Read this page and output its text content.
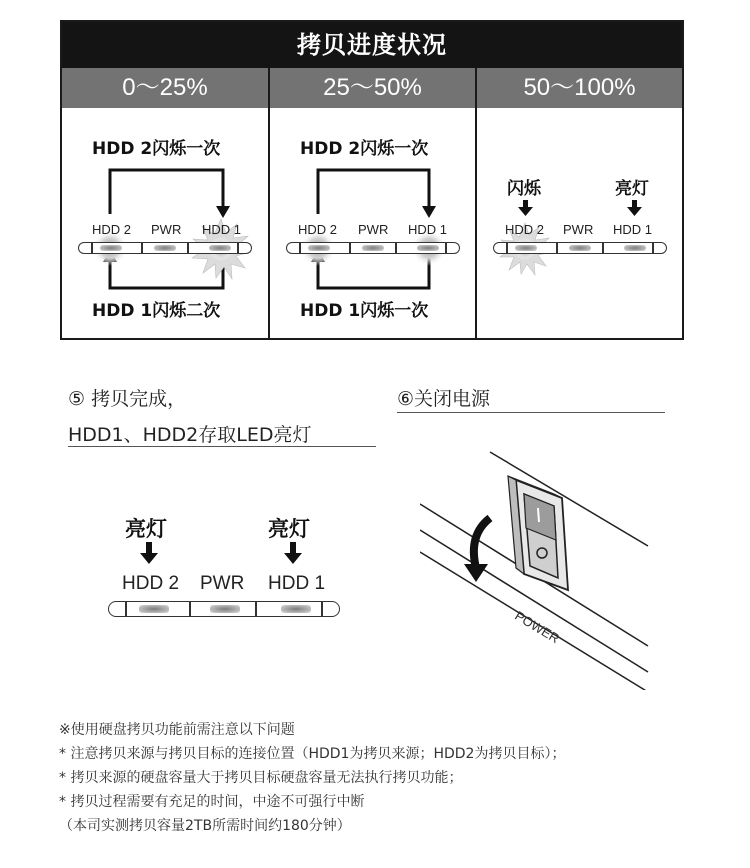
拷贝进度状况
0～25%	25～50%	50～100%
HDD 2闪烁一次
HDD 2 PWR HDD 1
HDD 1闪烁二次
HDD 2闪烁一次
HDD 2 PWR HDD 1
HDD 1闪烁一次
闪烁	亮灯
HDD 2 PWR HDD 1
⑤ 拷贝完成，
HDD1、HDD2存取LED亮灯
亮灯	亮灯
HDD 2 PWR HDD 1
⑥关闭电源
POWER
※使用硬盘拷贝功能前需注意以下问题
* 注意拷贝来源与拷贝目标的连接位置（HDD1为拷贝来源；HDD2为拷贝目标）；
* 拷贝来源的硬盘容量大于拷贝目标硬盘容量无法执行拷贝功能；
* 拷贝过程需要有充足的时间，中途不可强行中断
（本司实测拷贝容量2TB所需时间约180分钟）
